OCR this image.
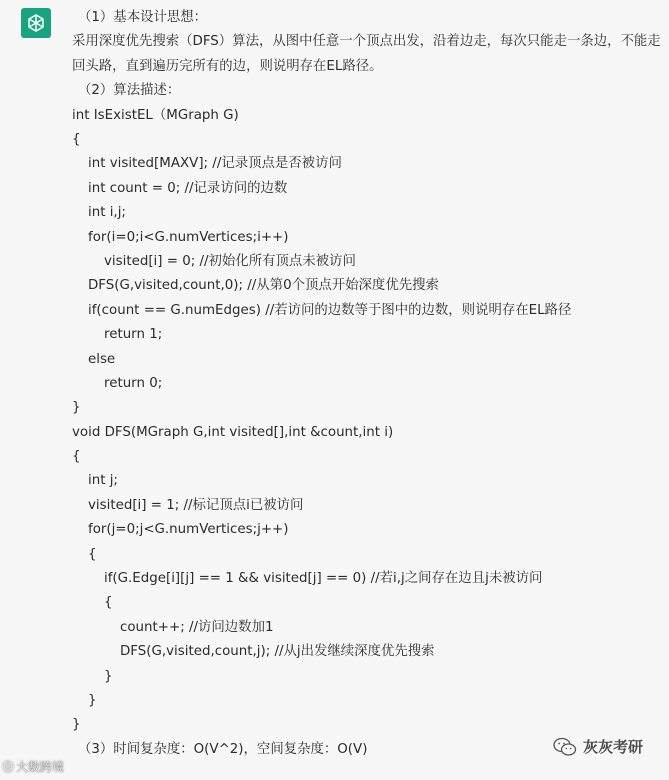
（1）基本设计思想：
采用深度优先搜索（DFS）算法，从图中任意一个顶点出发，沿着边走，每次只能走一条边，不能走回头路，直到遍历完所有的边，则说明存在EL路径。
（2）算法描述：
int IsExistEL（MGraph G)
{
int visited[MAXV]; //记录顶点是否被访问
int count = 0; //记录访问的边数
int i,j;
for(i=0;i<G.numVertices;i++)
visited[i] = 0; //初始化所有顶点未被访问
DFS(G,visited,count,0); //从第0个顶点开始深度优先搜索
if(count == G.numEdges) //若访问的边数等于图中的边数，则说明存在EL路径
return 1;
else
return 0;
}
void DFS(MGraph G,int visited[],int &count,int i)
{
int j;
visited[i] = 1; //标记顶点i已被访问
for(j=0;j<G.numVertices;j++)
{
if(G.Edge[i][j] == 1 && visited[j] == 0) //若i,j之间存在边且j未被访问
{
count++; //访问边数加1
DFS(G,visited,count,j); //从j出发继续深度优先搜索
}
}
}
（3）时间复杂度：O(V^2)，空间复杂度：O(V)
⓪ 大数跨境
灰灰考研
